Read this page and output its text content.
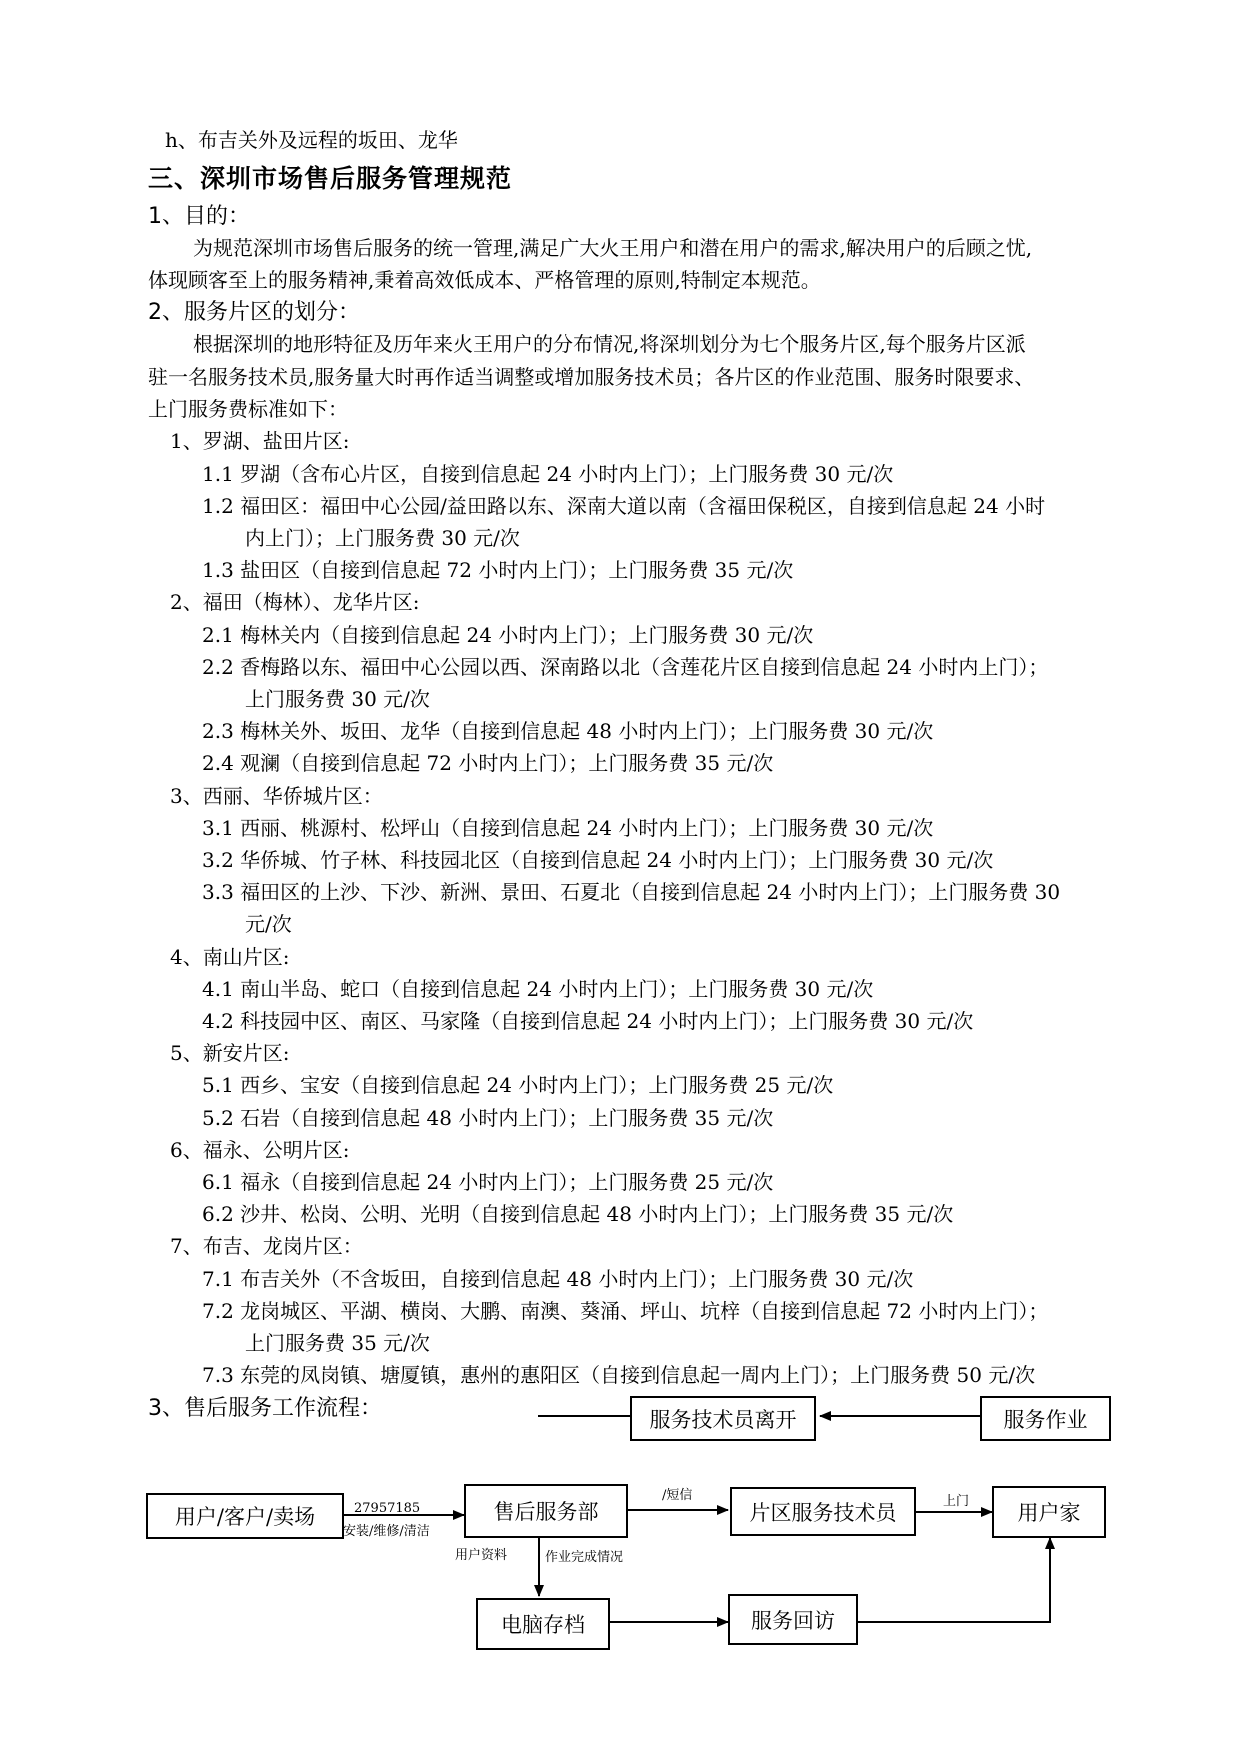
h、布吉关外及远程的坂田、龙华
三、深圳市场售后服务管理规范
1、目的：
为规范深圳市场售后服务的统一管理,满足广大火王用户和潜在用户的需求,解决用户的后顾之忧,
体现顾客至上的服务精神,秉着高效低成本、严格管理的原则,特制定本规范。
2、服务片区的划分：
根据深圳的地形特征及历年来火王用户的分布情况,将深圳划分为七个服务片区,每个服务片区派
驻一名服务技术员,服务量大时再作适当调整或增加服务技术员；各片区的作业范围、服务时限要求、
上门服务费标准如下：
1、罗湖、盐田片区:
1.1 罗湖（含布心片区，自接到信息起 24 小时内上门）；上门服务费 30 元/次
1.2 福田区：福田中心公园/益田路以东、深南大道以南（含福田保税区，自接到信息起 24 小时
内上门）；上门服务费 30 元/次
1.3 盐田区（自接到信息起 72 小时内上门）；上门服务费 35 元/次
2、福田（梅林）、龙华片区:
2.1 梅林关内（自接到信息起 24 小时内上门）；上门服务费 30 元/次
2.2 香梅路以东、福田中心公园以西、深南路以北（含莲花片区自接到信息起 24 小时内上门）；
上门服务费 30 元/次
2.3 梅林关外、坂田、龙华（自接到信息起 48 小时内上门）；上门服务费 30 元/次
2.4 观澜（自接到信息起 72 小时内上门）；上门服务费 35 元/次
3、西丽、华侨城片区：
3.1 西丽、桃源村、松坪山（自接到信息起 24 小时内上门）；上门服务费 30 元/次
3.2 华侨城、竹子林、科技园北区（自接到信息起 24 小时内上门）；上门服务费 30 元/次
3.3 福田区的上沙、下沙、新洲、景田、石夏北（自接到信息起 24 小时内上门）；上门服务费 30
元/次
4、南山片区:
4.1 南山半岛、蛇口（自接到信息起 24 小时内上门）；上门服务费 30 元/次
4.2 科技园中区、南区、马家隆（自接到信息起 24 小时内上门）；上门服务费 30 元/次
5、新安片区:
5.1 西乡、宝安（自接到信息起 24 小时内上门）；上门服务费 25 元/次
5.2 石岩（自接到信息起 48 小时内上门）；上门服务费 35 元/次
6、福永、公明片区:
6.1 福永（自接到信息起 24 小时内上门）；上门服务费 25 元/次
6.2 沙井、松岗、公明、光明（自接到信息起 48 小时内上门）；上门服务费 35 元/次
7、布吉、龙岗片区：
7.1 布吉关外（不含坂田，自接到信息起 48 小时内上门）；上门服务费 30 元/次
7.2 龙岗城区、平湖、横岗、大鹏、南澳、葵涌、坪山、坑梓（自接到信息起 72 小时内上门）；
上门服务费 35 元/次
7.3 东莞的凤岗镇、塘厦镇，惠州的惠阳区（自接到信息起一周内上门）；上门服务费 50 元/次
3、售后服务工作流程：	服务技术员离开	服务作业
用户/客户/卖场	售后服务部	片区服务技术员	用户家
电脑存档	服务回访
27957185
安装/维修/清洁
/短信	上门
用户资料	作业完成情况
